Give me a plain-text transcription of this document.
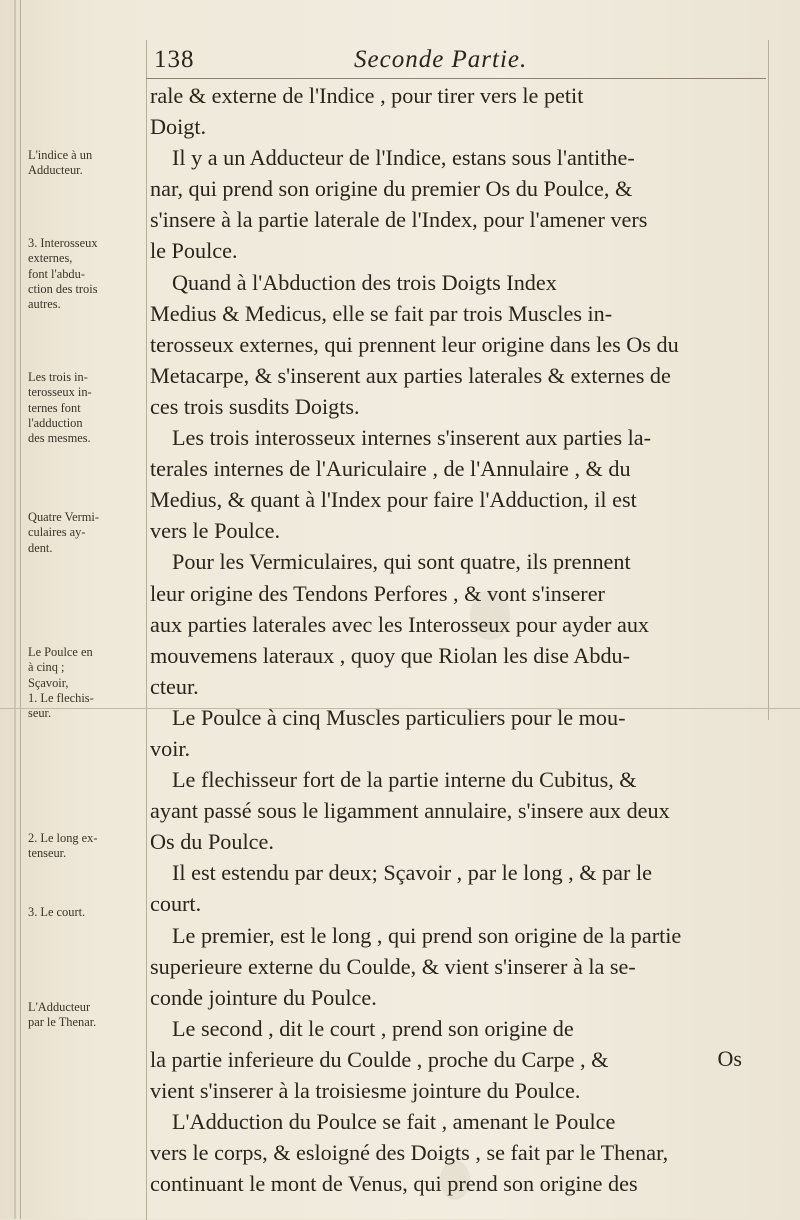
138	Seconde Partie.
rale & externe de l'Indice , pour tirer vers le petit
Doigt.
Il y a un Adducteur de l'Indice, estans sous l'antithe-
nar, qui prend son origine du premier Os du Poulce, &
s'insere à la partie laterale de l'Index, pour l'amener vers
le Poulce.
Quand à l'Abduction des trois Doigts Index
Medius & Medicus, elle se fait par trois Muscles in-
terosseux externes, qui prennent leur origine dans les Os du
Metacarpe, & s'inserent aux parties laterales & externes de
ces trois susdits Doigts.
Les trois interosseux internes s'inserent aux parties la-
terales internes de l'Auriculaire , de l'Annulaire , & du
Medius, & quant à l'Index pour faire l'Adduction, il est
vers le Poulce.
Pour les Vermiculaires, qui sont quatre, ils prennent
leur origine des Tendons Perfores , & vont s'inserer
aux parties laterales avec les Interosseux pour ayder aux
mouvemens lateraux , quoy que Riolan les dise Abdu-
cteur.
Le Poulce à cinq Muscles particuliers pour le mou-
voir.
Le flechisseur fort de la partie interne du Cubitus, &
ayant passé sous le ligamment annulaire, s'insere aux deux
Os du Poulce.
Il est estendu par deux; Sçavoir , par le long , & par le
court.
Le premier, est le long , qui prend son origine de la partie
superieure externe du Coulde, & vient s'inserer à la se-
conde jointure du Poulce.
Le second , dit le court , prend son origine de
la partie inferieure du Coulde , proche du Carpe , &
vient s'inserer à la troisiesme jointure du Poulce.
L'Adduction du Poulce se fait , amenant le Poulce
vers le corps, & esloigné des Doigts , se fait par le Thenar,
continuant le mont de Venus, qui prend son origine des
Os
L'indice à un
Adducteur.
3. Interosseux
externes,
font l'abdu-
ction des trois
autres.
Les trois in-
terosseux in-
ternes font
l'adduction
des mesmes.
Quatre Vermi-
culaires ay-
dent.
Le Poulce en
à cinq ;
Sçavoir,
1. Le flechis-
seur.
2. Le long ex-
tenseur.
3. Le court.
L'Adducteur
par le Thenar.
